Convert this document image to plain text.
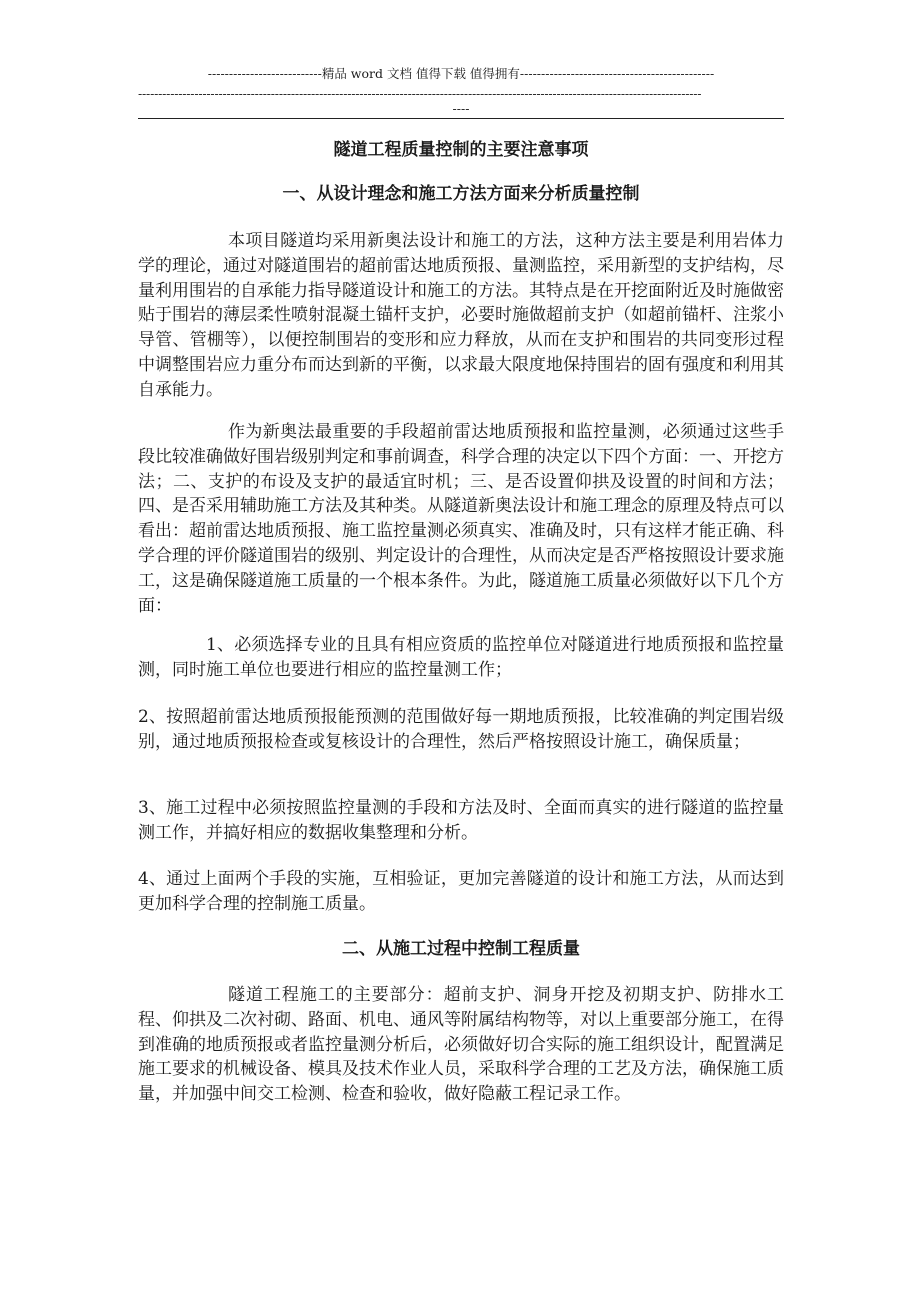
---------------------------精品 word 文档 值得下载 值得拥有----------------------------------------------
--------------------------------------------------------------------------------------------------------------------------------------------
----
隧道工程质量控制的主要注意事项
一、从设计理念和施工方法方面来分析质量控制
本项目隧道均采用新奥法设计和施工的方法，这种方法主要是利用岩体力学的理论，通过对隧道围岩的超前雷达地质预报、量测监控，采用新型的支护结构，尽量利用围岩的自承能力指导隧道设计和施工的方法。其特点是在开挖面附近及时施做密贴于围岩的薄层柔性喷射混凝土锚杆支护，必要时施做超前支护（如超前锚杆、注浆小导管、管棚等），以便控制围岩的变形和应力释放，从而在支护和围岩的共同变形过程中调整围岩应力重分布而达到新的平衡，以求最大限度地保持围岩的固有强度和利用其自承能力。
作为新奥法最重要的手段超前雷达地质预报和监控量测，必须通过这些手段比较准确做好围岩级别判定和事前调查，科学合理的决定以下四个方面：一、开挖方法；二、支护的布设及支护的最适宜时机；三、是否设置仰拱及设置的时间和方法；四、是否采用辅助施工方法及其种类。从隧道新奥法设计和施工理念的原理及特点可以看出：超前雷达地质预报、施工监控量测必须真实、准确及时，只有这样才能正确、科学合理的评价隧道围岩的级别、判定设计的合理性，从而决定是否严格按照设计要求施工，这是确保隧道施工质量的一个根本条件。为此，隧道施工质量必须做好以下几个方面：
1、必须选择专业的且具有相应资质的监控单位对隧道进行地质预报和监控量测，同时施工单位也要进行相应的监控量测工作；
2、按照超前雷达地质预报能预测的范围做好每一期地质预报，比较准确的判定围岩级别，通过地质预报检查或复核设计的合理性，然后严格按照设计施工，确保质量；
3、施工过程中必须按照监控量测的手段和方法及时、全面而真实的进行隧道的监控量测工作，并搞好相应的数据收集整理和分析。
4、通过上面两个手段的实施，互相验证，更加完善隧道的设计和施工方法，从而达到更加科学合理的控制施工质量。
二、从施工过程中控制工程质量
隧道工程施工的主要部分：超前支护、洞身开挖及初期支护、防排水工程、仰拱及二次衬砌、路面、机电、通风等附属结构物等，对以上重要部分施工，在得到准确的地质预报或者监控量测分析后，必须做好切合实际的施工组织设计，配置满足施工要求的机械设备、模具及技术作业人员，采取科学合理的工艺及方法，确保施工质量，并加强中间交工检测、检查和验收，做好隐蔽工程记录工作。
